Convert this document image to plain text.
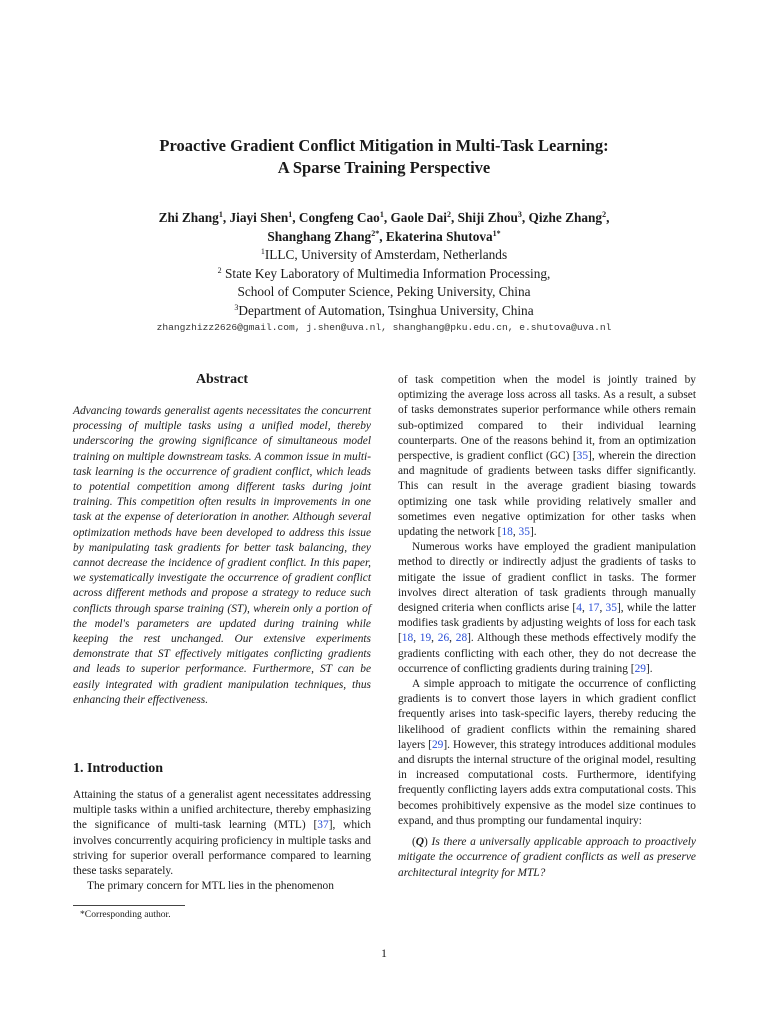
Proactive Gradient Conflict Mitigation in Multi-Task Learning:
A Sparse Training Perspective
Zhi Zhang$^1$, Jiayi Shen$^1$, Congfeng Cao$^1$, Gaole Dai$^2$, Shiji Zhou$^3$, Qizhe Zhang$^2$,
Shanghang Zhang$^{2*}$, Ekaterina Shutova$^{1*}$
$^1$ILLC, University of Amsterdam, Netherlands
$^2$ State Key Laboratory of Multimedia Information Processing,
School of Computer Science, Peking University, China
$^3$Department of Automation, Tsinghua University, China
zhangzhizz2626@gmail.com, j.shen@uva.nl, shanghang@pku.edu.cn, e.shutova@uva.nl
Abstract

Advancing towards generalist agents necessitates the concurrent processing of multiple tasks using a unified model, thereby underscoring the growing significance of simultaneous model training on multiple downstream tasks. A common issue in multi-task learning is the occurrence of gradient conflict, which leads to potential competition among different tasks during joint training. This competition often results in improvements in one task at the expense of deterioration in another. Although several optimization methods have been developed to address this issue by manipulating task gradients for better task balancing, they cannot decrease the incidence of gradient conflict. In this paper, we systematically investigate the occurrence of gradient conflict across different methods and propose a strategy to reduce such conflicts through sparse training (ST), wherein only a portion of the model's parameters are updated during training while keeping the rest unchanged. Our extensive experiments demonstrate that ST effectively mitigates conflicting gradients and leads to superior performance. Furthermore, ST can be easily integrated with gradient manipulation techniques, thus enhancing their effectiveness.

1. Introduction

Attaining the status of a generalist agent necessitates addressing multiple tasks within a unified architecture, thereby emphasizing the significance of multi-task learning (MTL) [37], which involves concurrently acquiring proficiency in multiple tasks and striving for superior overall performance compared to learning these tasks separately.

The primary concern for MTL lies in the phenomenon

*Corresponding author.

of task competition when the model is jointly trained by optimizing the average loss across all tasks. As a result, a subset of tasks demonstrates superior performance while others remain sub-optimized compared to their individual learning counterparts. One of the reasons behind it, from an optimization perspective, is gradient conflict (GC) [35], wherein the direction and magnitude of gradients between tasks differ significantly. This can result in the average gradient biasing towards optimizing one task while providing relatively smaller and sometimes even negative optimization for other tasks when updating the network [18, 35].

Numerous works have employed the gradient manipulation method to directly or indirectly adjust the gradients of tasks to mitigate the issue of gradient conflict in tasks. The former involves direct alteration of task gradients through manually designed criteria when conflicts arise [4, 17, 35], while the latter modifies task gradients by adjusting weights of loss for each task [18, 19, 26, 28]. Although these methods effectively modify the gradients conflicting with each other, they do not decrease the occurrence of conflicting gradients during training [29].

A simple approach to mitigate the occurrence of conflicting gradients is to convert those layers in which gradient conflict frequently arises into task-specific layers, thereby reducing the likelihood of gradient conflicts within the remaining shared layers [29]. However, this strategy introduces additional modules and disrupts the internal structure of the original model, resulting in increased computational costs. Furthermore, identifying frequently conflicting layers adds extra computational costs. This becomes prohibitively expensive as the model size continues to expand, and thus prompting our fundamental inquiry:

(Q) Is there a universally applicable approach to proactively mitigate the occurrence of gradient conflicts as well as preserve architectural integrity for MTL?

1
